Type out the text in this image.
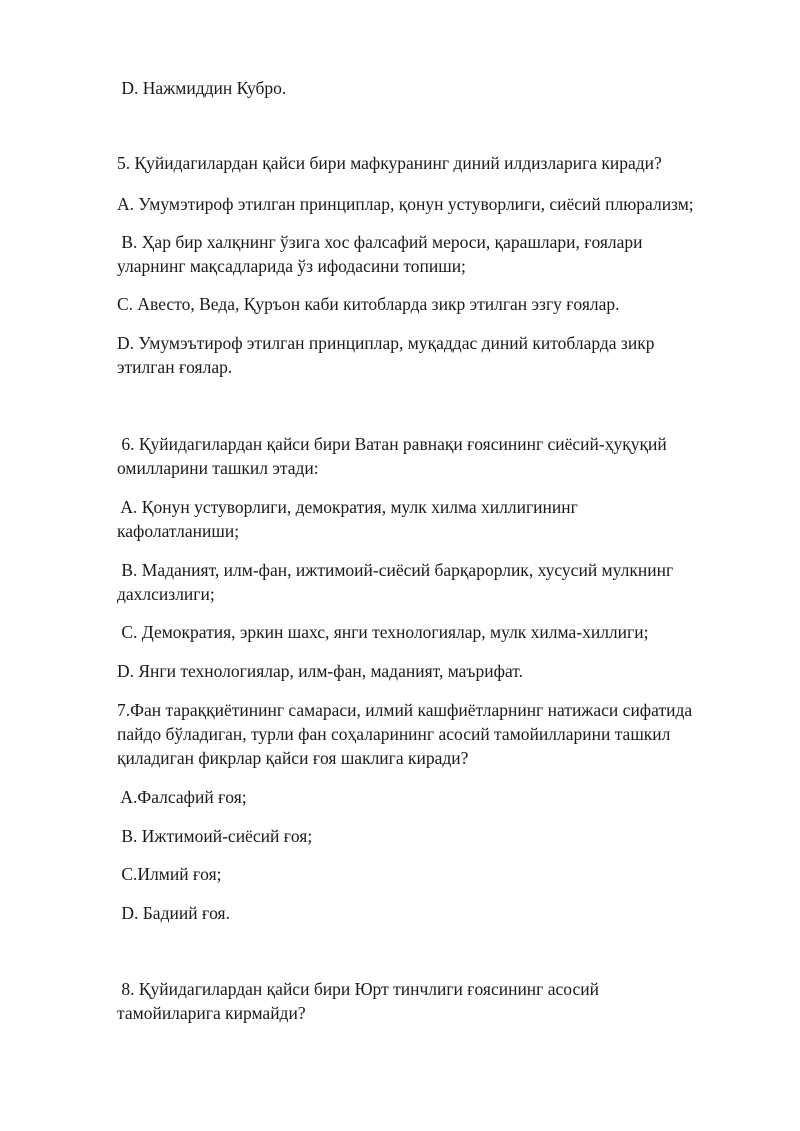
D. Нажмиддин Кубро.

5. Қуйидагилардан қайси бири мафкуранинг диний илдизларига киради?

A. Умумэтироф этилган принциплар, қонун устуворлиги, сиёсий плюрализм;

B. Ҳар бир халқнинг ўзига хос фалсафий мероси, қарашлари, ғоялари

уларнинг мақсадларида ўз ифодасини топиши;

C. Авесто, Веда, Қуръон каби китобларда зикр этилган эзгу ғоялар.

D. Умумэътироф этилган принциплар, муқаддас диний китобларда зикр

этилган ғоялар.

6. Қуйидагилардан қайси бири Ватан равнақи ғоясининг сиёсий-ҳуқуқий

омилларини ташкил этади:

A. Қонун устуворлиги, демократия, мулк хилма хиллигининг

кафолатланиши;

B. Маданият, илм-фан, ижтимоий-сиёсий барқарорлик, хусусий мулкнинг

дахлсизлиги;

C. Демократия, эркин шахс, янги технологиялар, мулк хилма-хиллиги;

D. Янги технологиялар, илм-фан, маданият, маърифат.

7.Фан тараққиётининг самараси, илмий кашфиётларнинг натижаси сифатида

пайдо бўладиган, турли фан соҳаларининг асосий тамойилларини ташкил

қиладиган фикрлар қайси ғоя шаклига киради?

A.Фалсафий ғоя;

B. Ижтимоий-сиёсий ғоя;

C.Илмий ғоя;

D. Бадиий ғоя.

8. Қуйидагилардан қайси бири Юрт тинчлиги ғоясининг асосий

тамойиларига кирмайди?
